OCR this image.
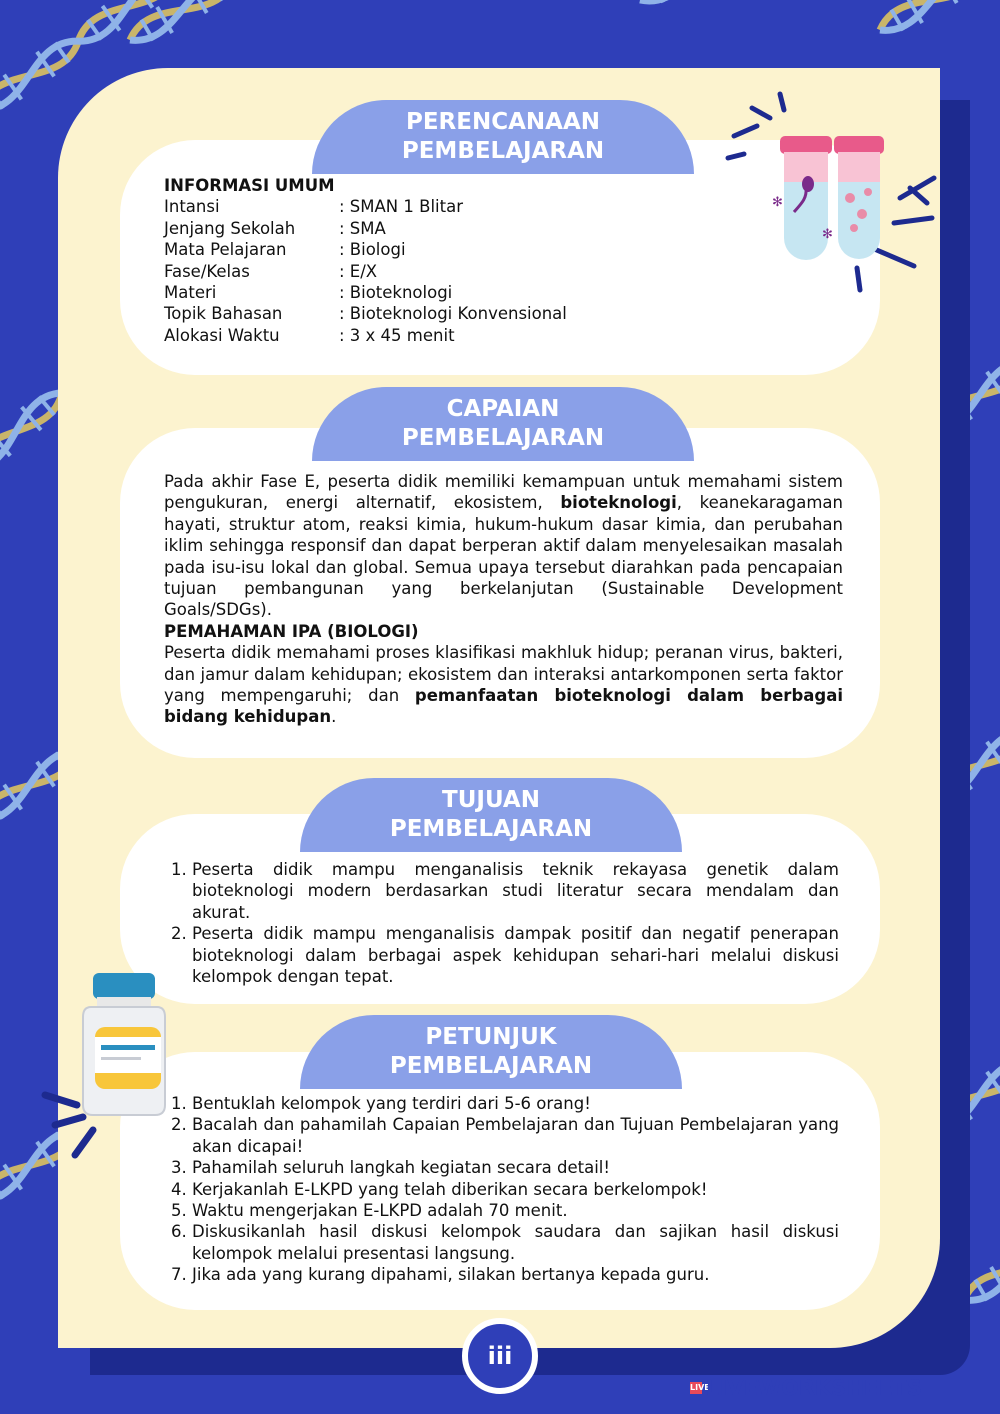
PERENCANAAN
PEMBELAJARAN
INFORMASI UMUM
Intansi	: SMAN 1 Blitar
Jenjang Sekolah	: SMA
Mata Pelajaran	: Biologi
Fase/Kelas	: E/X
Materi	: Bioteknologi
Topik Bahasan	: Bioteknologi Konvensional
Alokasi Waktu	: 3 x 45 menit
✻
✻
CAPAIAN
PEMBELAJARAN
Pada akhir Fase E, peserta didik memiliki kemampuan untuk memahami sistem pengukuran, energi alternatif, ekosistem, bioteknologi, keanekaragaman hayati, struktur atom, reaksi kimia, hukum-hukum dasar kimia, dan perubahan iklim sehingga responsif dan dapat berperan aktif dalam menyelesaikan masalah pada isu-isu lokal dan global. Semua upaya tersebut diarahkan pada pencapaian tujuan pembangunan yang berkelanjutan (Sustainable Development Goals/SDGs).
PEMAHAMAN IPA (BIOLOGI)
Peserta didik memahami proses klasifikasi makhluk hidup; peranan virus, bakteri, dan jamur dalam kehidupan; ekosistem dan interaksi antarkomponen serta faktor yang mempengaruhi; dan pemanfaatan bioteknologi dalam berbagai bidang kehidupan.
TUJUAN
PEMBELAJARAN
1. Peserta didik mampu menganalisis teknik rekayasa genetik dalam bioteknologi modern berdasarkan studi literatur secara mendalam dan akurat.
2. Peserta didik mampu menganalisis dampak positif dan negatif penerapan bioteknologi dalam berbagai aspek kehidupan sehari-hari melalui diskusi kelompok dengan tepat.
PETUNJUK
PEMBELAJARAN
1. Bentuklah kelompok yang terdiri dari 5-6 orang!
2. Bacalah dan pahamilah Capaian Pembelajaran dan Tujuan Pembelajaran yang akan dicapai!
3. Pahamilah seluruh langkah kegiatan secara detail!
4. Kerjakanlah E-LKPD yang telah diberikan secara berkelompok!
5. Waktu mengerjakan E-LKPD adalah 70 menit.
6. Diskusikanlah hasil diskusi kelompok saudara dan sajikan hasil diskusi kelompok melalui presentasi langsung.
7. Jika ada yang kurang dipahami, silakan bertanya kepada guru.
iii
LIVE
LIVEWORKSHEETS
